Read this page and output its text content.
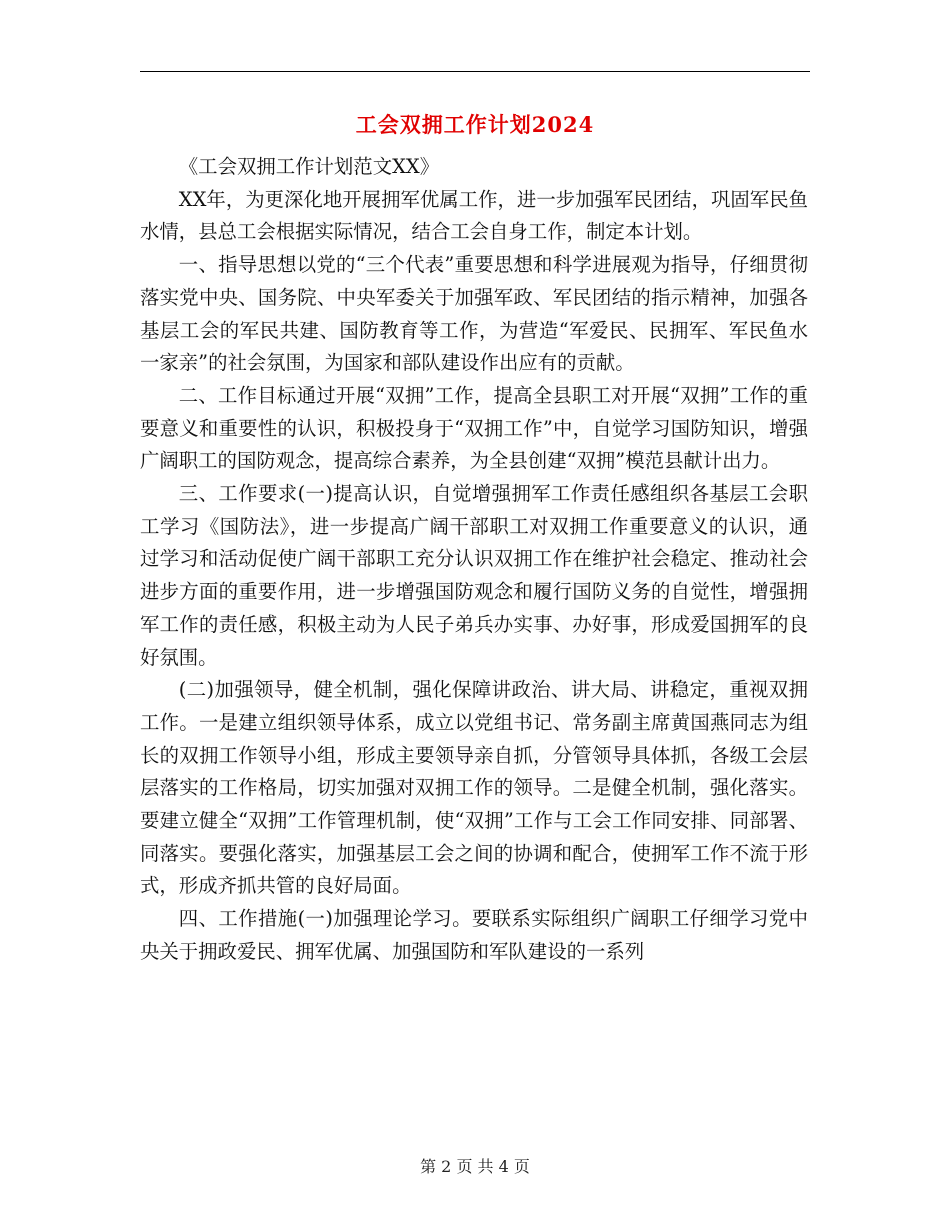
工会双拥工作计划2024

《工会双拥工作计划范文XX》

XX年，为更深化地开展拥军优属工作，进一步加强军民团结，巩固军民鱼水情，县总工会根据实际情况，结合工会自身工作，制定本计划。

一、指导思想以党的“三个代表”重要思想和科学进展观为指导，仔细贯彻落实党中央、国务院、中央军委关于加强军政、军民团结的指示精神，加强各基层工会的军民共建、国防教育等工作，为营造“军爱民、民拥军、军民鱼水一家亲”的社会氛围，为国家和部队建设作出应有的贡献。

二、工作目标通过开展“双拥”工作，提高全县职工对开展“双拥”工作的重要意义和重要性的认识，积极投身于“双拥工作”中，自觉学习国防知识，增强广阔职工的国防观念，提高综合素养，为全县创建“双拥”模范县献计出力。

三、工作要求(一)提高认识，自觉增强拥军工作责任感组织各基层工会职工学习《国防法》，进一步提高广阔干部职工对双拥工作重要意义的认识，通过学习和活动促使广阔干部职工充分认识双拥工作在维护社会稳定、推动社会进步方面的重要作用，进一步增强国防观念和履行国防义务的自觉性，增强拥军工作的责任感，积极主动为人民子弟兵办实事、办好事，形成爱国拥军的良好氛围。

(二)加强领导，健全机制，强化保障讲政治、讲大局、讲稳定，重视双拥工作。一是建立组织领导体系，成立以党组书记、常务副主席黄国燕同志为组长的双拥工作领导小组，形成主要领导亲自抓，分管领导具体抓，各级工会层层落实的工作格局，切实加强对双拥工作的领导。二是健全机制，强化落实。要建立健全“双拥”工作管理机制，使“双拥”工作与工会工作同安排、同部署、同落实。要强化落实，加强基层工会之间的协调和配合，使拥军工作不流于形式，形成齐抓共管的良好局面。

四、工作措施(一)加强理论学习。要联系实际组织广阔职工仔细学习党中央关于拥政爱民、拥军优属、加强国防和军队建设的一系列

第 2 页 共 4 页
